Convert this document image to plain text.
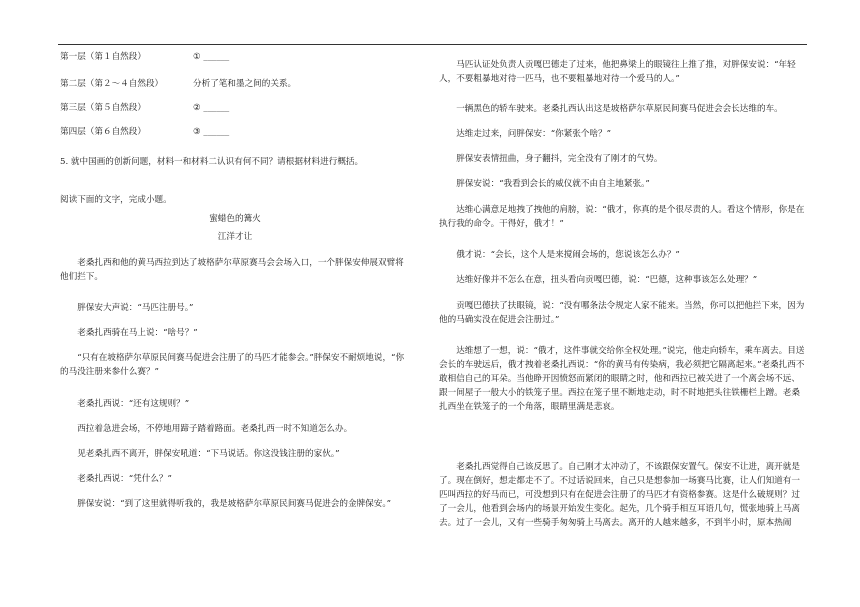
第一层（第１自然段）	① ______
第二层（第２～４自然段）	分析了笔和墨之间的关系。
第三层（第５自然段）	② ______
第四层（第６自然段）	③ ______

5. 就中国画的创新问题，材料一和材料二认识有何不同？请根据材料进行概括。

阅读下面的文字，完成小题。

蜜蜡色的篝火

江洋才让

老桑扎西和他的黄马西拉到达了坡格萨尔草原赛马会会场入口，一个胖保安伸展双臂将他们拦下。

胖保安大声说：“马匹注册号。”

老桑扎西骑在马上说：“啥号？”

“只有在坡格萨尔草原民间赛马促进会注册了的马匹才能参会。”胖保安不耐烦地说，“你的马没注册来参什么赛？”

老桑扎西说：“还有这规则？”

西拉着急进会场，不停地用蹄子踏着路面。老桑扎西一时不知道怎么办。

见老桑扎西不离开，胖保安吼道：“下马说话。你这没钱注册的家伙。”

老桑扎西说：“凭什么？”

胖保安说：“到了这里就得听我的，我是坡格萨尔草原民间赛马促进会的金牌保安。”

马匹认证处负责人贡嘎巴德走了过来，他把鼻梁上的眼镜往上推了推，对胖保安说：“年轻人，不要粗暴地对待一匹马，也不要粗暴地对待一个爱马的人。”

一辆黑色的轿车驶来。老桑扎西认出这是坡格萨尔草原民间赛马促进会会长达维的车。

达维走过来，问胖保安：“你紧张个啥？”

胖保安表情扭曲，身子翻抖，完全没有了刚才的气势。

胖保安说：“我看到会长的威仪就不由自主地紧张。”

达维心满意足地拽了拽他的肩膀，说：“俄才，你真的是个很尽责的人。看这个情形，你是在执行我的命令。干得好，俄才！”

俄才说：“会长，这个人是来搅闹会场的，您说该怎么办？”

达维好像并不怎么在意，扭头看向贡嘎巴德，说：“巴德，这种事该怎么处理？”

贡嘎巴德扶了扶眼镜，说：“没有哪条法令规定人家不能来。当然，你可以把他拦下来，因为他的马确实没在促进会注册过。”

达维想了一想，说：“俄才，这件事就交给你全权处理。”说完，他走向轿车，乘车离去。目送会长的车驶远后，俄才拽着老桑扎西说：“你的黄马有传染病，我必须把它隔离起来。”老桑扎西不敢相信自己的耳朵。当他睁开因愤怒而紧闭的眼睛之时，他和西拉已被关进了一个离会场不远、跟一间屋子一般大小的铁笼子里。西拉在笼子里不断地走动，时不时地把头往铁栅栏上蹭。老桑扎西坐在铁笼子的一个角落，眼睛里满是悲哀。

老桑扎西觉得自己该反思了。自己刚才太冲动了，不该跟保安置气。保安不让进，离开就是了。现在倒好，想走都走不了。不过话说回来，自己只是想参加一场赛马比赛，让人们知道有一匹叫西拉的好马而已，可没想到只有在促进会注册了的马匹才有资格参赛。这是什么破规则？过了一会儿，他看到会场内的场景开始发生变化。起先，几个骑手相互耳语几句，慌张地骑上马离去。过了一会儿，又有一些骑手匆匆骑上马离去。离开的人越来越多，不到半小时，原本热闹
